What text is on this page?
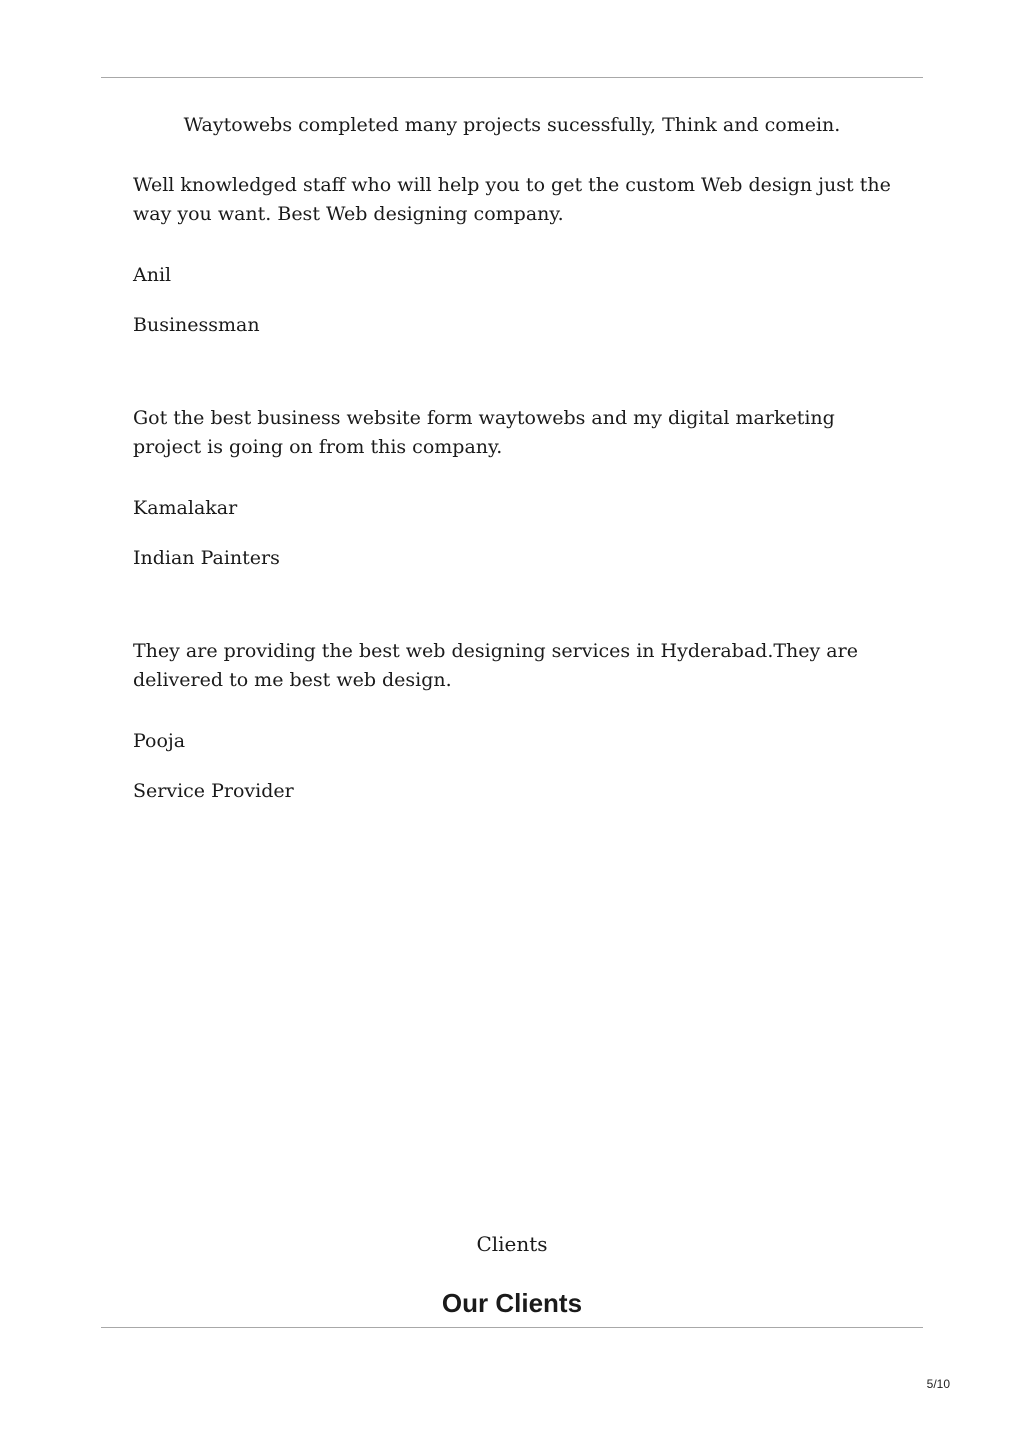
Waytowebs completed many projects sucessfully, Think and comein.

Well knowledged staff who will help you to get the custom Web design just the way you want. Best Web designing company.

Anil
Businessman

Got the best business website form waytowebs and my digital marketing project is going on from this company.

Kamalakar
Indian Painters

They are providing the best web designing services in Hyderabad.They are delivered to me best web design.

Pooja
Service Provider
Clients
Our Clients
5/10
